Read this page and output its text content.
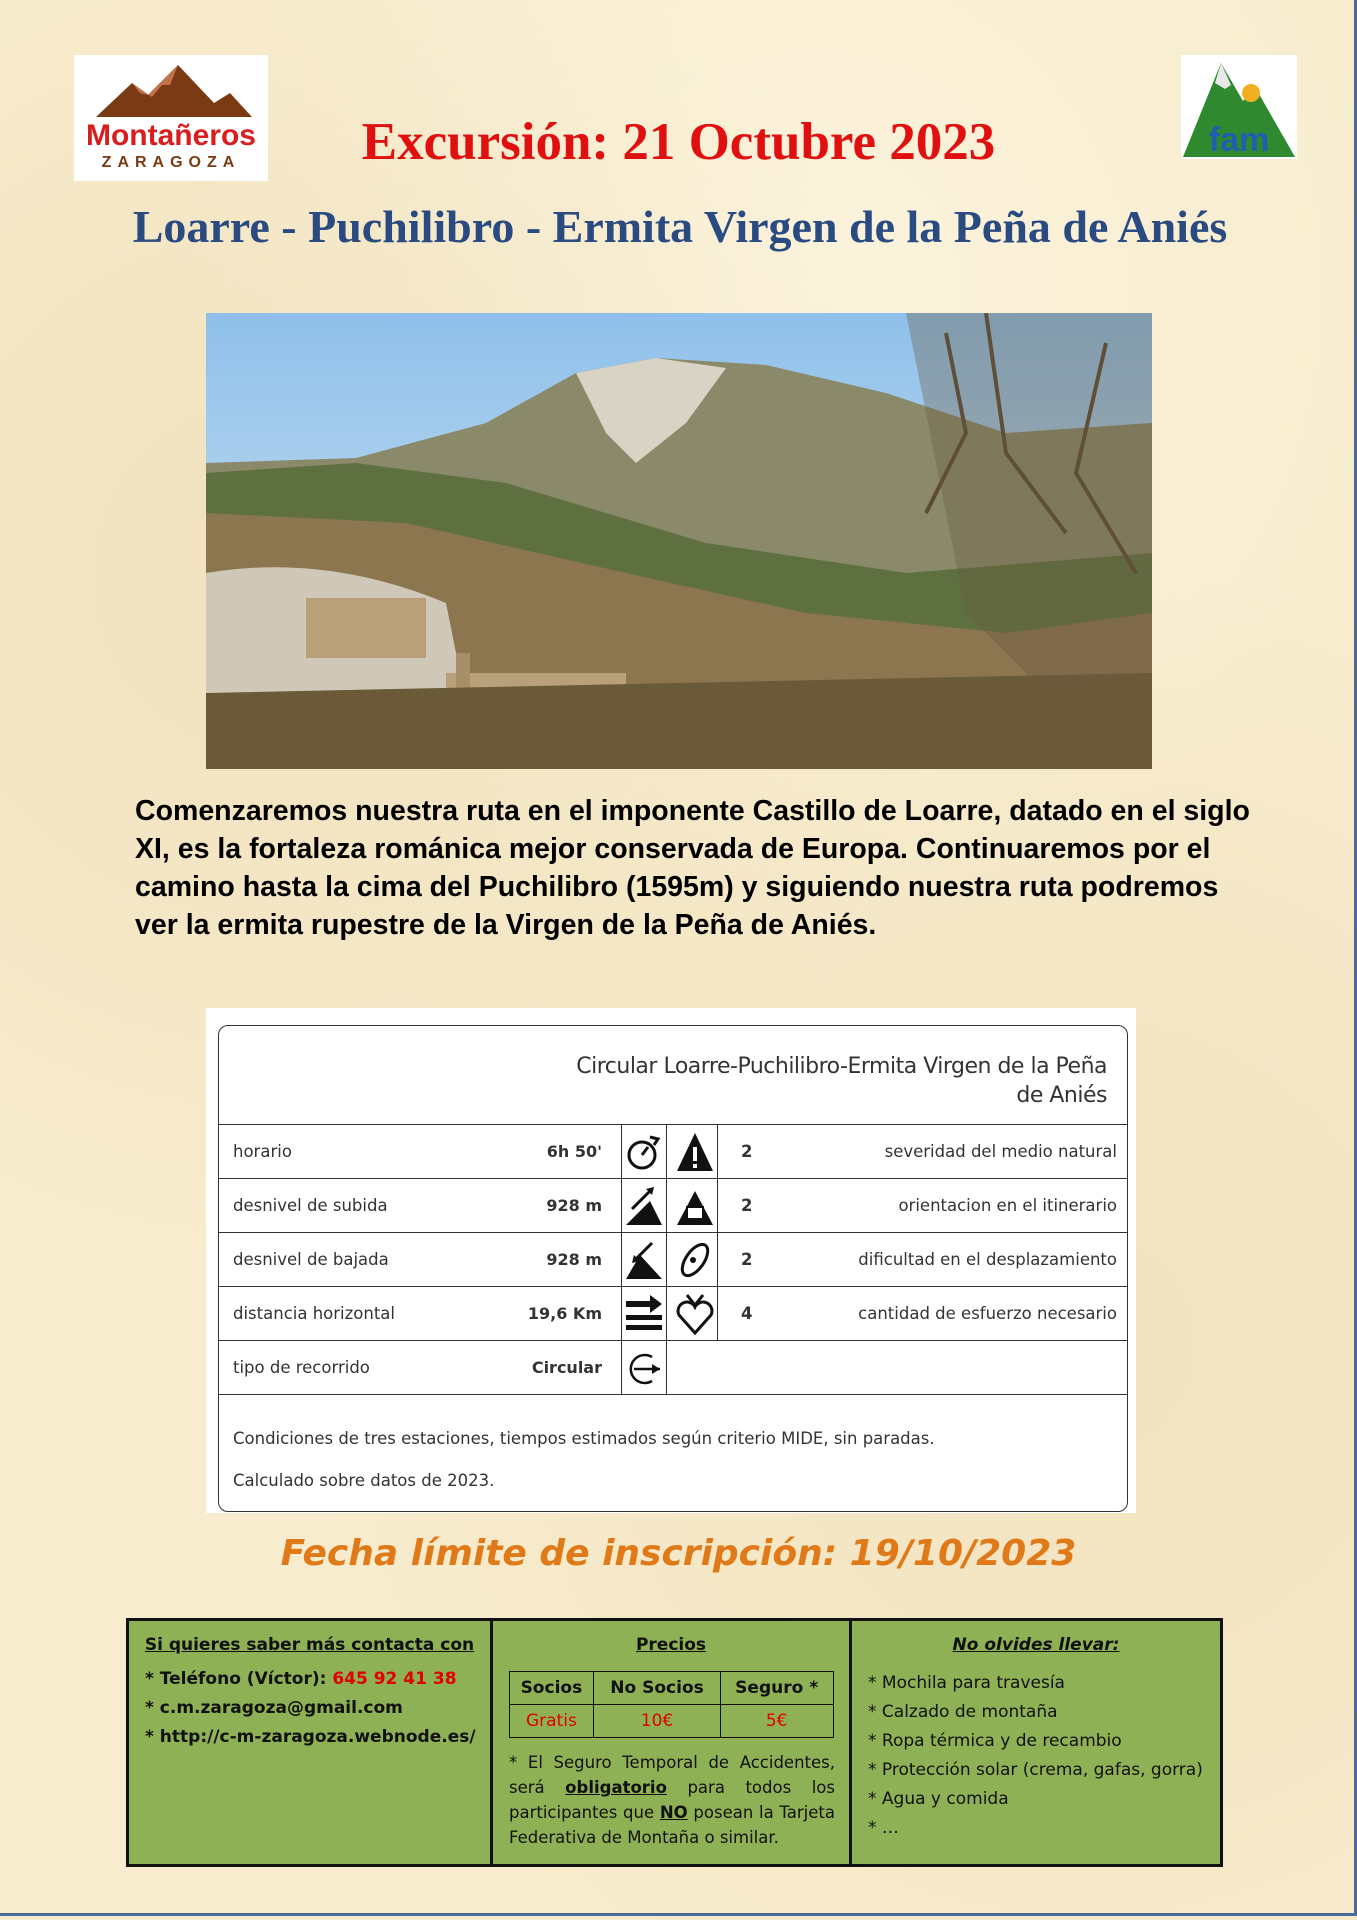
Montañeros
ZARAGOZA
fam
Excursión: 21 Octubre 2023
Loarre - Puchilibro - Ermita Virgen de la Peña de Aniés
Comenzaremos nuestra ruta en el imponente Castillo de Loarre, datado en el siglo XI, es la fortaleza románica mejor conservada de Europa. Continuaremos por el camino hasta la cima del Puchilibro (1595m) y siguiendo nuestra ruta podremos ver la ermita rupestre de la Virgen de la Peña de Aniés.
Circular Loarre-Puchilibro-Ermita Virgen de la Peña de Aniés
horario	6h 50'	2	severidad del medio natural
desnivel de subida	928 m	2	orientacion en el itinerario
desnivel de bajada	928 m	2	dificultad en el desplazamiento
distancia horizontal	19,6 Km	4	cantidad de esfuerzo necesario
tipo de recorrido	Circular
Condiciones de tres estaciones, tiempos estimados según criterio MIDE, sin paradas.
Calculado sobre datos de 2023.
Fecha límite de inscripción: 19/10/2023
Si quieres saber más contacta con
* Teléfono (Víctor): 645 92 41 38
* c.m.zaragoza@gmail.com
* http://c-m-zaragoza.webnode.es/
Precios
Socios	No Socios	Seguro *
Gratis	10€	5€
* El Seguro Temporal de Accidentes, será obligatorio para todos los participantes que NO posean la Tarjeta Federativa de Montaña o similar.
No olvides llevar:
* Mochila para travesía
* Calzado de montaña
* Ropa térmica y de recambio
* Protección solar (crema, gafas, gorra)
* Agua y comida
* …
